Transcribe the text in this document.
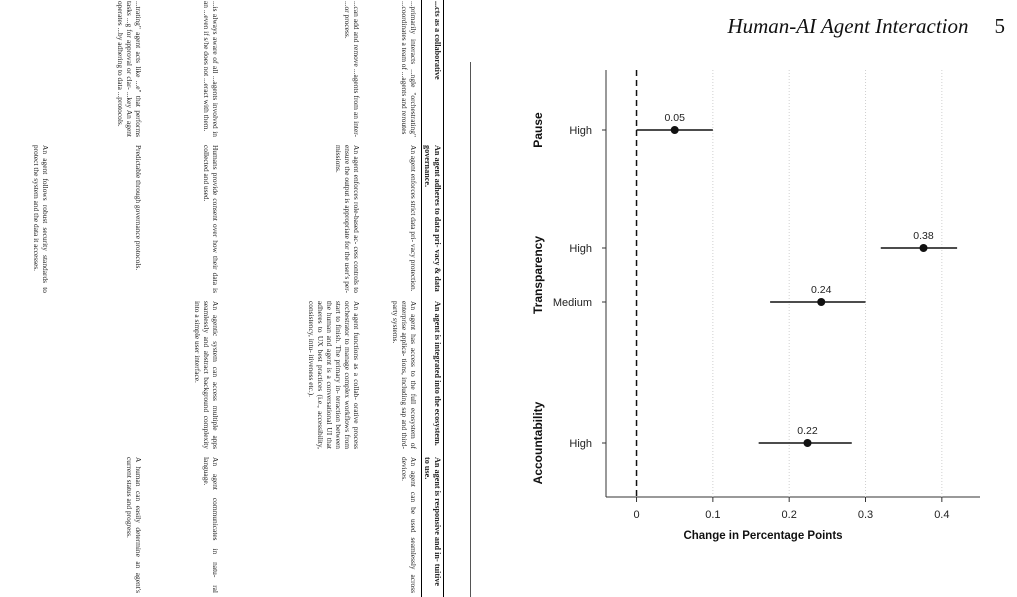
Human-AI Agent Interaction 5
...cts as a collaborative	An agent adheres to data pri- vacy & data governance.	An agent is integrated into the ecosystem.	An agent is responsive and in- tuitive to use.
...primarily interacts ...ngle "orchestrating" ...coordinates a team of ...agents and reroutes	An agent enforces strict data pri- vacy protection.	An agent has access to the full ecosystem of enterprise applica- tions, including sap and third- party systems.	An agent can be used seamlessly across devices.
...can add and remove ...agents from an inter- ...or process.	An agent enforces role-based ac- cess controls to ensure the output is appropriate for the user's per- missions.	An agent functions as a collab- orative process orchestrator to manage complex workflows from start to finish. The primary in- teraction between the human and agent is a conversational UI that adheres to UX best practices (i.e., accessibility, consistency, intu- itiveness etc.).	
...is always aware of all ...agents involved in an ...even if s/he does not ...eract with them.	Humans provide consent over how their data is collected and used.	An agentic system can access multiple apps seamlessly and abstract background complexity into a simple user interface.	An agent communicates in natu- ral language.
...trating" agent acts like ...e" that performs tasks ...g for approval or clar- ...key An agent operates ...by adhering to data ...protocols.	Predictable through governance protocols.		A human can easily determine an agent's current status and progress.
	An agent follows robust security standards to protect the system and the data it accesses.		
0	0.1	0.2	0.3	0.4
Pause
Transparency
Accountability
High
0.05
High
0.38
Medium
0.24
High
0.22
Change in Percentage Points
